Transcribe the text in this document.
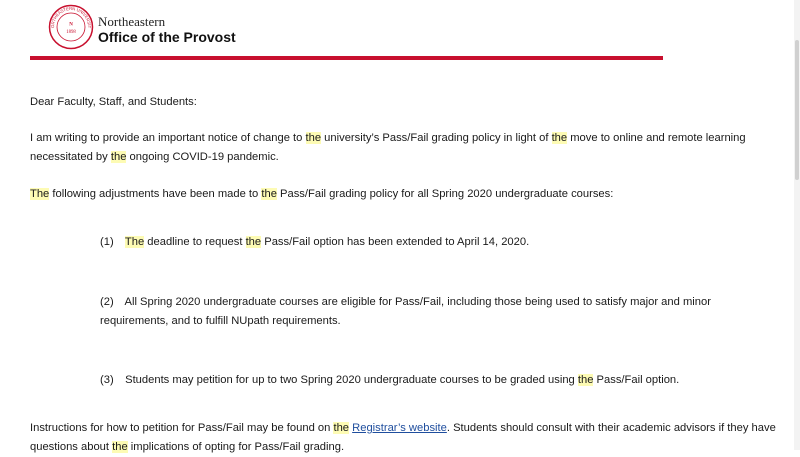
ORTHEASTERN UNIVERSIT
N
1898
Northeastern
Office of the Provost

Dear Faculty, Staff, and Students:

I am writing to provide an important notice of change to the university’s Pass/Fail grading policy in light of the move to online and remote learning necessitated by the ongoing COVID-19 pandemic.

The following adjustments have been made to the Pass/Fail grading policy for all Spring 2020 undergraduate courses:

(1) The deadline to request the Pass/Fail option has been extended to April 14, 2020.

(2) All Spring 2020 undergraduate courses are eligible for Pass/Fail, including those being used to satisfy major and minor requirements, and to fulfill NUpath requirements.

(3) Students may petition for up to two Spring 2020 undergraduate courses to be graded using the Pass/Fail option.

Instructions for how to petition for Pass/Fail may be found on the Registrar’s website. Students should consult with their academic advisors if they have questions about the implications of opting for Pass/Fail grading.
